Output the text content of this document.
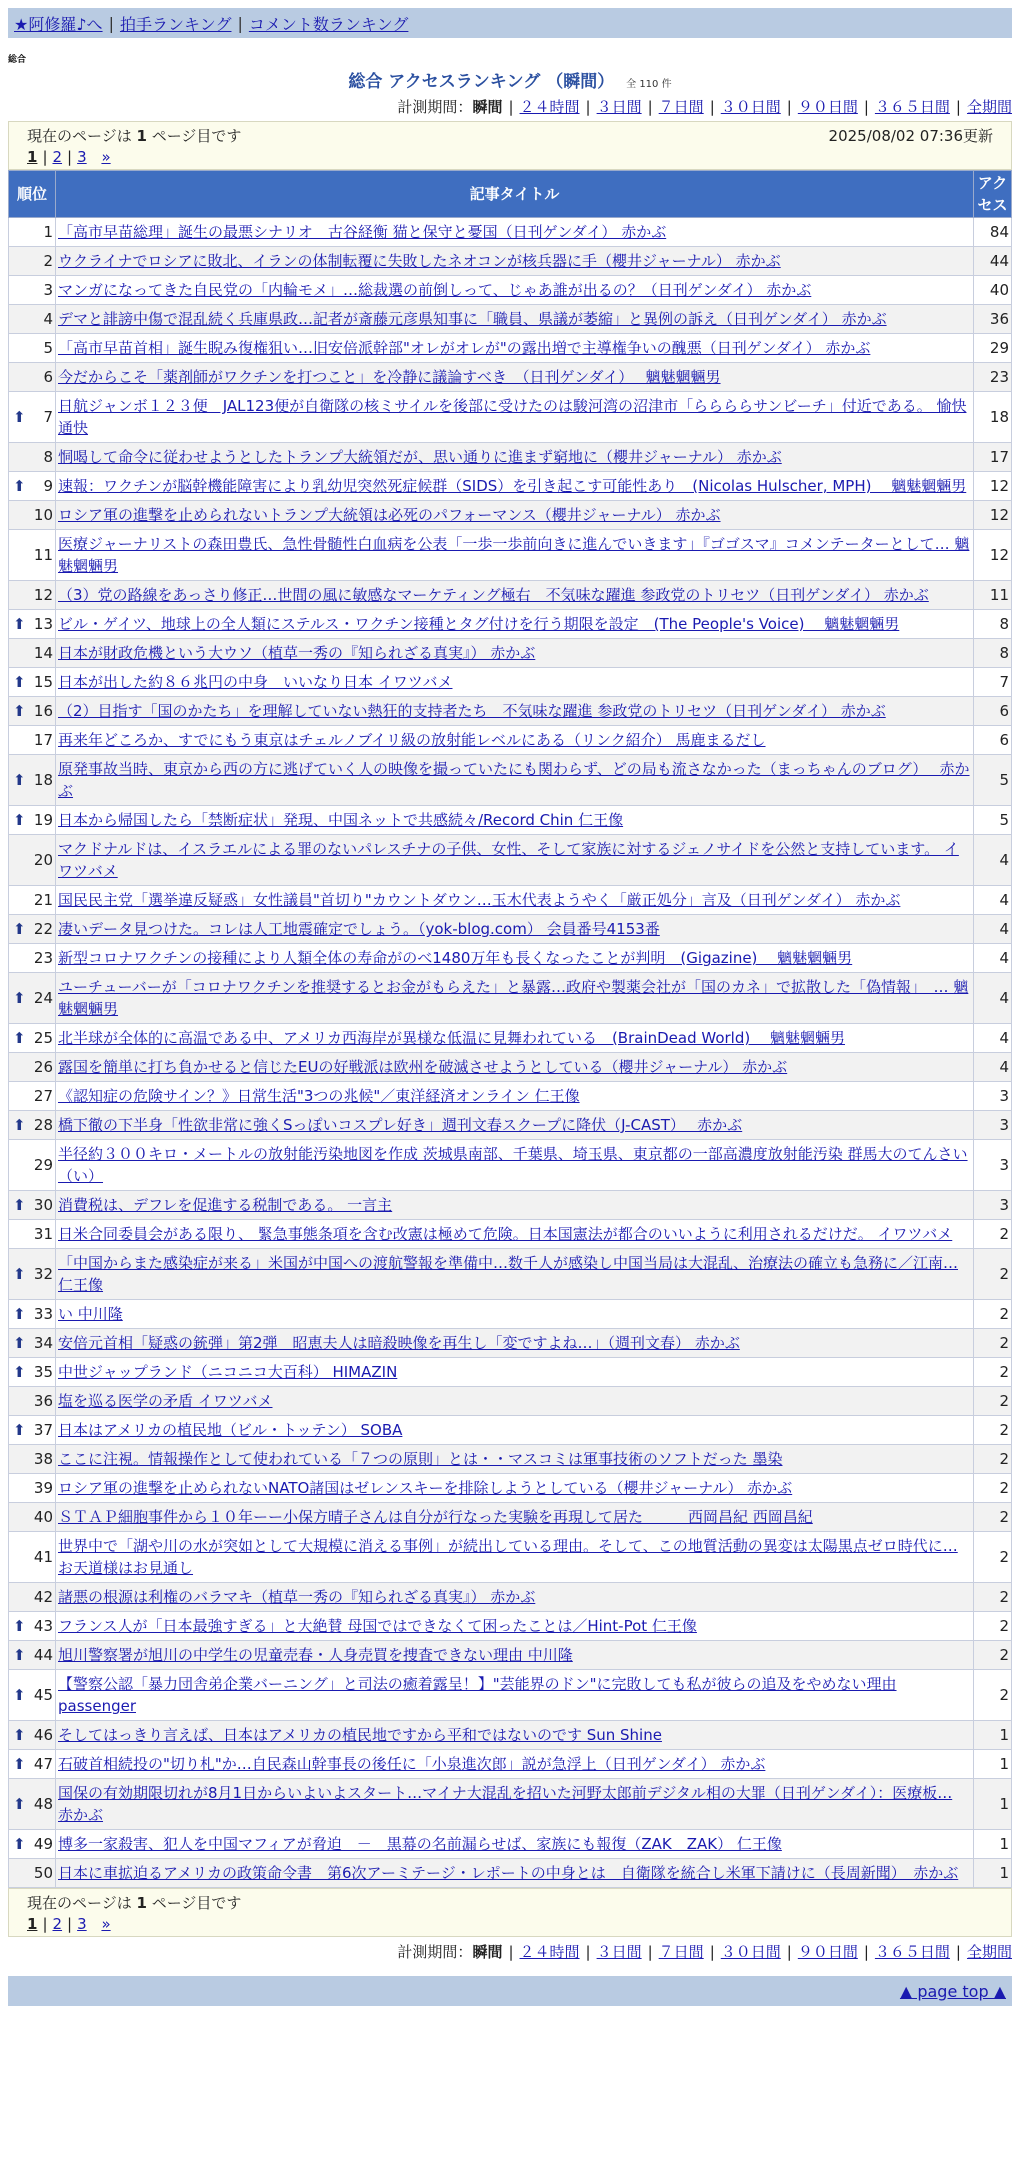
★阿修羅♪へ | 拍手ランキング | コメント数ランキング
総合
総合 アクセスランキング （瞬間） 全 110 件
計測期間：瞬間 | ２４時間 | ３日間 | ７日間 | ３０日間 | ９０日間 | ３６５日間 | 全期間
現在のページは 1 ページ目です	2025/08/02 07:36更新
1 | 2 | 3 »
順位	記事タイトル	アクセス
1	「高市早苗総理」誕生の最悪シナリオ　古谷経衡 猫と保守と憂国（日刊ゲンダイ） 赤かぶ	84
2	ウクライナでロシアに敗北、イランの体制転覆に失敗したネオコンが核兵器に手（櫻井ジャーナル） 赤かぶ	44
3	マンガになってきた自民党の「内輪モメ」…総裁選の前倒しって、じゃあ誰が出るの？（日刊ゲンダイ） 赤かぶ	40
4	デマと誹謗中傷で混乱続く兵庫県政…記者が斎藤元彦県知事に「職員、県議が萎縮」と異例の訴え（日刊ゲンダイ） 赤かぶ	36
5	「高市早苗首相」誕生睨み復権狙い…旧安倍派幹部"オレがオレが"の露出増で主導権争いの醜悪（日刊ゲンダイ） 赤かぶ	29
6	今だからこそ「薬剤師がワクチンを打つこと」を冷静に議論すべき　（日刊ゲンダイ）　 魑魅魍魎男	23

⬆ 7	日航ジャンボ１２３便　JAL123便が自衛隊の核ミサイルを後部に受けたのは駿河湾の沼津市「ららららサンビーチ」付近である。 愉快通快	18
8	恫喝して命令に従わせようとしたトランプ大統領だが、思い通りに進まず窮地に（櫻井ジャーナル） 赤かぶ	17

⬆ 9	速報：ワクチンが脳幹機能障害により乳幼児突然死症候群（SIDS）を引き起こす可能性あり　(Nicolas Hulscher, MPH)　 魑魅魍魎男	12
10	ロシア軍の進撃を止められないトランプ大統領は必死のパフォーマンス（櫻井ジャーナル） 赤かぶ	12
11	医療ジャーナリストの森田豊氏、急性骨髄性白血病を公表「一歩一歩前向きに進んでいきます」『ゴゴスマ』コメンテーターとして… 魑魅魍魎男	12
12	（3）党の路線をあっさり修正…世間の風に敏感なマーケティング極右　不気味な躍進 参政党のトリセツ（日刊ゲンダイ） 赤かぶ	11

⬆ 13	ビル・ゲイツ、地球上の全人類にステルス・ワクチン接種とタグ付けを行う期限を設定　(The People's Voice)　 魑魅魍魎男	8
14	日本が財政危機という大ウソ（植草一秀の『知られざる真実』） 赤かぶ	8

⬆ 15	日本が出した約８６兆円の中身　いいなり日本 イワツバメ	7

⬆ 16	（2）目指す「国のかたち」を理解していない熱狂的支持者たち　不気味な躍進 参政党のトリセツ（日刊ゲンダイ） 赤かぶ	6
17	再来年どころか、すでにもう東京はチェルノブイリ級の放射能レベルにある（リンク紹介） 馬鹿まるだし	6

⬆ 18	原発事故当時、東京から西の方に逃げていく人の映像を撮っていたにも関わらず、どの局も流さなかった（まっちゃんのブログ）　 赤かぶ	5

⬆ 19	日本から帰国したら「禁断症状」発現、中国ネットで共感続々/Record Chin 仁王像	5
20	マクドナルドは、イスラエルによる罪のないパレスチナの子供、女性、そして家族に対するジェノサイドを公然と支持しています。 イワツバメ	4
21	国民民主党「選挙違反疑惑」女性議員"首切り"カウントダウン…玉木代表ようやく「厳正処分」言及（日刊ゲンダイ） 赤かぶ	4

⬆ 22	凄いデータ見つけた。コレは人工地震確定でしょう。（yok-blog.com） 会員番号4153番	4
23	新型コロナワクチンの接種により人類全体の寿命がのべ1480万年も長くなったことが判明　(Gigazine)　 魑魅魍魎男	4

⬆ 24	ユーチューバーが「コロナワクチンを推奨するとお金がもらえた」と暴露…政府や製薬会社が「国のカネ」で拡散した「偽情報」　… 魑魅魍魎男	4

⬆ 25	北半球が全体的に高温である中、アメリカ西海岸が異様な低温に見舞われている　(BrainDead World)　 魑魅魍魎男	4
26	露国を簡単に打ち負かせると信じたEUの好戦派は欧州を破滅させようとしている（櫻井ジャーナル） 赤かぶ	4
27	《認知症の危険サイン？》日常生活"3つの兆候"／東洋経済オンライン 仁王像	3

⬆ 28	橋下徹の下半身「性欲非常に強くSっぽいコスプレ好き」週刊文春スクープに降伏（J-CAST）　 赤かぶ	3
29	半径約３００キロ・メートルの放射能汚染地図を作成 茨城県南部、千葉県、埼玉県、東京都の一部高濃度放射能汚染 群馬大のてんさい（い）	3

⬆ 30	消費税は、デフレを促進する税制である。 一言主	3
31	日米合同委員会がある限り、 緊急事態条項を含む改憲は極めて危険。日本国憲法が都合のいいように利用されるだけだ。 イワツバメ	2

⬆ 32	「中国からまた感染症が来る」米国が中国への渡航警報を準備中…数千人が感染し中国当局は大混乱、治療法の確立も急務に／江南… 仁王像	2

⬆ 33	い 中川隆	2

⬆ 34	安倍元首相「疑惑の銃弾」第2弾　昭恵夫人は暗殺映像を再生し「変ですよね…」（週刊文春） 赤かぶ	2

⬆ 35	中世ジャップランド（ニコニコ大百科） HIMAZIN	2
36	塩を巡る医学の矛盾 イワツバメ	2

⬆ 37	日本はアメリカの植民地（ビル・トッテン） SOBA	2
38	ここに注視。情報操作として使われている「７つの原則」とは・・マスコミは軍事技術のソフトだった 墨染	2
39	ロシア軍の進撃を止められないNATO諸国はゼレンスキーを排除しようとしている（櫻井ジャーナル） 赤かぶ	2
40	ＳＴＡＰ細胞事件から１０年ーー小保方晴子さんは自分が行なった実験を再現して居た　　　西岡昌紀 西岡昌紀	2
41	世界中で「湖や川の水が突如として大規模に消える事例」が続出している理由。そして、この地質活動の異変は太陽黒点ゼロ時代に… お天道様はお見通し	2
42	諸悪の根源は利権のバラマキ（植草一秀の『知られざる真実』） 赤かぶ	2

⬆ 43	フランス人が「日本最強すぎる」と大絶賛 母国ではできなくて困ったことは／Hint-Pot 仁王像	2

⬆ 44	旭川警察署が旭川の中学生の児童売春・人身売買を捜査できない理由 中川隆	2

⬆ 45	【警察公認「暴力団舎弟企業バーニング」と司法の癒着露呈！】"芸能界のドン"に完敗しても私が彼らの追及をやめない理由 passenger	2

⬆ 46	そしてはっきり言えば、日本はアメリカの植民地ですから平和ではないのです Sun Shine	1

⬆ 47	石破首相続投の"切り札"か…自民森山幹事長の後任に「小泉進次郎」説が急浮上（日刊ゲンダイ） 赤かぶ	1

⬆ 48	国保の有効期限切れが8月1日からいよいよスタート…マイナ大混乱を招いた河野太郎前デジタル相の大罪（日刊ゲンダイ）：医療板… 赤かぶ	1

⬆ 49	博多一家殺害、犯人を中国マフィアが脅迫　－　黒幕の名前漏らせば、家族にも報復（ZAK　ZAK） 仁王像	1
50	日本に車拡迫るアメリカの政策命令書　第6次アーミテージ・レポートの中身とは　自衛隊を統合し米軍下請けに（長周新聞）　赤かぶ	1
現在のページは 1 ページ目です
1 | 2 | 3 »
計測期間：瞬間 | ２４時間 | ３日間 | ７日間 | ３０日間 | ９０日間 | ３６５日間 | 全期間
▲ page top ▲
